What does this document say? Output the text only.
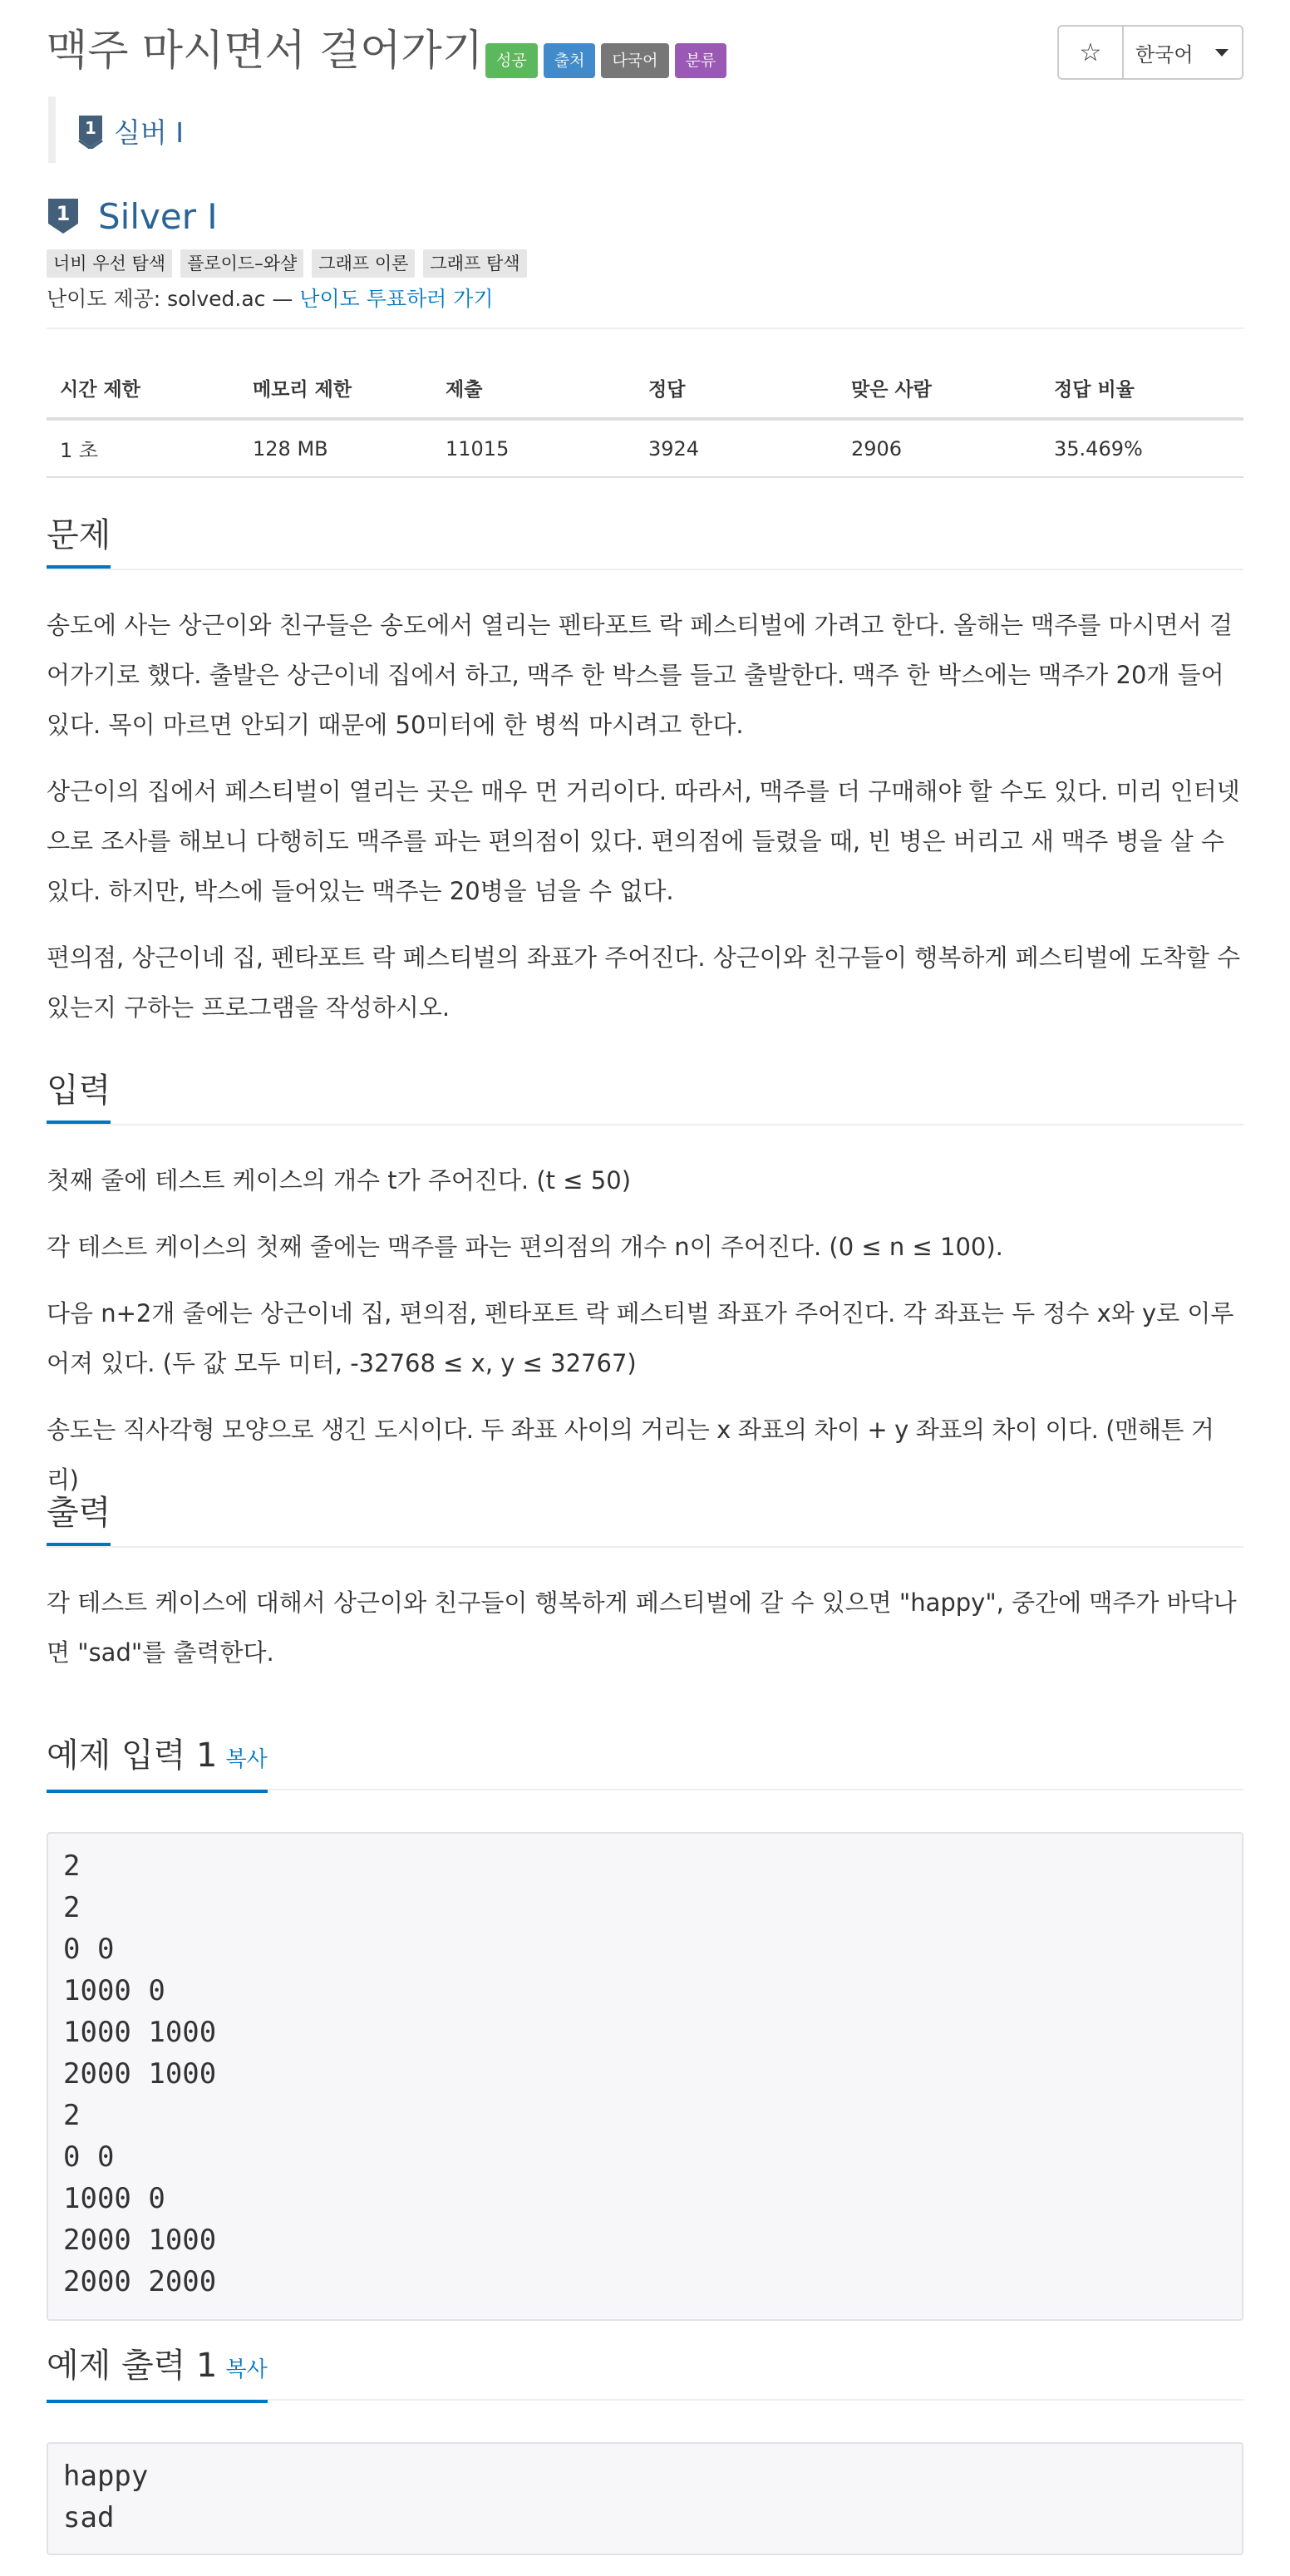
맥주 마시면서 걸어가기 성공	출처	다국어	분류	☆ 한국어
1 실버 I
1 Silver I
너비 우선 탐색	플로이드–와샬	그래프 이론	그래프 탐색
난이도 제공: solved.ac — 난이도 투표하러 가기
시간 제한	메모리 제한	제출	정답	맞은 사람	정답 비율
1 초	128 MB	11015	3924	2906	35.469%
문제

송도에 사는 상근이와 친구들은 송도에서 열리는 펜타포트 락 페스티벌에 가려고 한다. 올해는 맥주를 마시면서 걸어가기로 했다. 출발은 상근이네 집에서 하고, 맥주 한 박스를 들고 출발한다. 맥주 한 박스에는 맥주가 20개 들어있다. 목이 마르면 안되기 때문에 50미터에 한 병씩 마시려고 한다.

상근이의 집에서 페스티벌이 열리는 곳은 매우 먼 거리이다. 따라서, 맥주를 더 구매해야 할 수도 있다. 미리 인터넷으로 조사를 해보니 다행히도 맥주를 파는 편의점이 있다. 편의점에 들렸을 때, 빈 병은 버리고 새 맥주 병을 살 수 있다. 하지만, 박스에 들어있는 맥주는 20병을 넘을 수 없다.

편의점, 상근이네 집, 펜타포트 락 페스티벌의 좌표가 주어진다. 상근이와 친구들이 행복하게 페스티벌에 도착할 수 있는지 구하는 프로그램을 작성하시오.

입력

첫째 줄에 테스트 케이스의 개수 t가 주어진다. (t ≤ 50)

각 테스트 케이스의 첫째 줄에는 맥주를 파는 편의점의 개수 n이 주어진다. (0 ≤ n ≤ 100).

다음 n+2개 줄에는 상근이네 집, 편의점, 펜타포트 락 페스티벌 좌표가 주어진다. 각 좌표는 두 정수 x와 y로 이루어져 있다. (두 값 모두 미터, -32768 ≤ x, y ≤ 32767)

송도는 직사각형 모양으로 생긴 도시이다. 두 좌표 사이의 거리는 x 좌표의 차이 + y 좌표의 차이 이다. (맨해튼 거리)

출력

각 테스트 케이스에 대해서 상근이와 친구들이 행복하게 페스티벌에 갈 수 있으면 "happy", 중간에 맥주가 바닥나면 "sad"를 출력한다.

예제 입력 1 복사
2
2
0 0
1000 0
1000 1000
2000 1000
2
0 0
1000 0
2000 1000
2000 2000
예제 출력 1 복사
happy
sad
